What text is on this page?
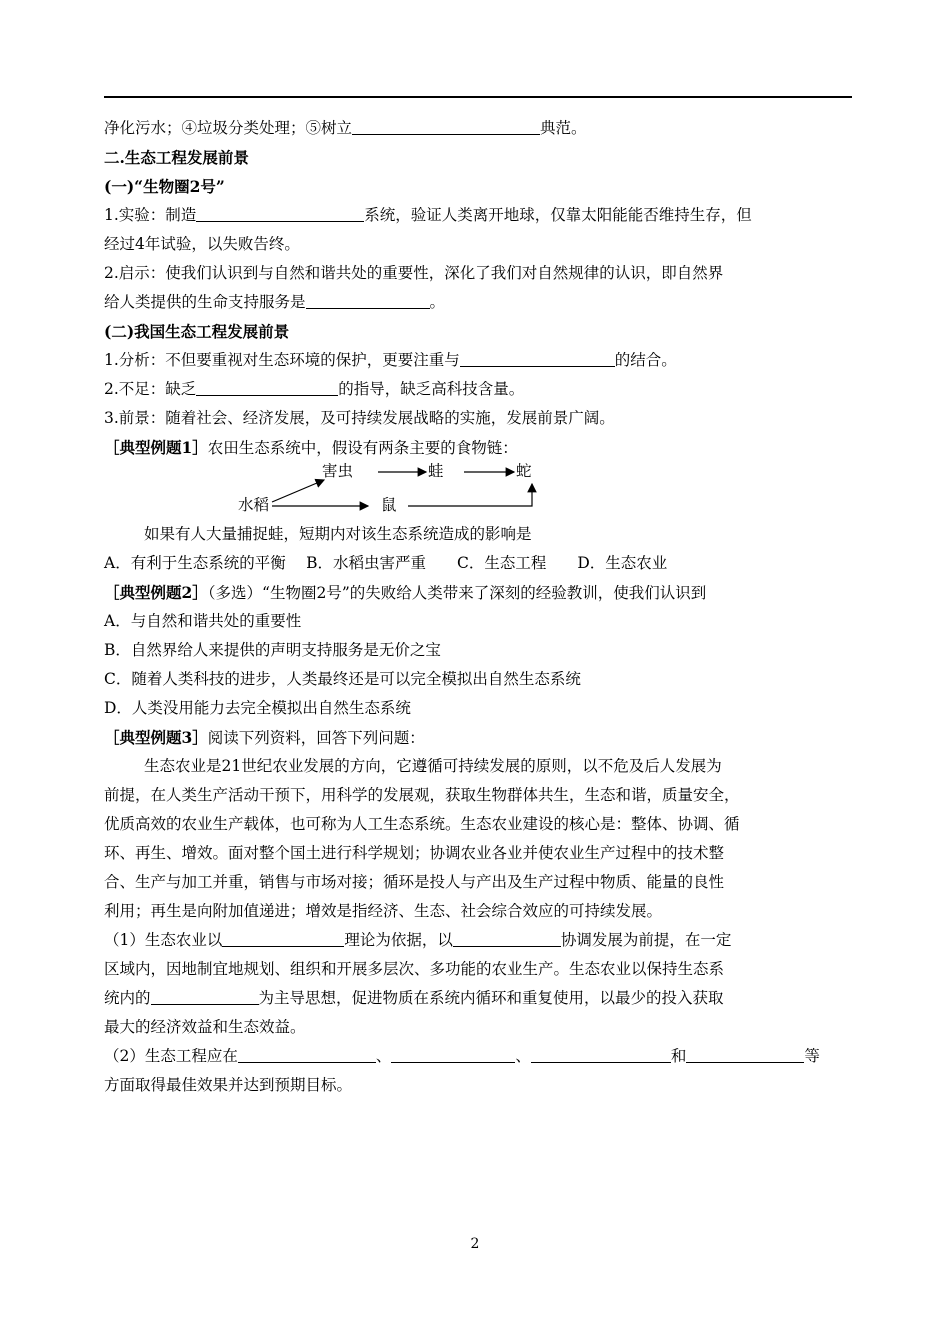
净化污水；④垃圾分类处理；⑤树立	典范。
二.生态工程发展前景
(一)“生物圈2号”
1.实验：制造	系统，验证人类离开地球，仅靠太阳能能否维持生存，但
经过4年试验，以失败告终。
2.启示：使我们认识到与自然和谐共处的重要性，深化了我们对自然规律的认识，即自然界
给人类提供的生命支持服务是	。
(二)我国生态工程发展前景
1.分析：不但要重视对生态环境的保护，更要注重与	的结合。
2.不足：缺乏	的指导，缺乏高科技含量。
3.前景：随着社会、经济发展，及可持续发展战略的实施，发展前景广阔。
［典型例题1］农田生态系统中，假设有两条主要的食物链：
害虫	蛙	蛇
水稻	鼠
如果有人大量捕捉蛙，短期内对该生态系统造成的影响是
A．有利于生态系统的平衡　 B．水稻虫害严重　　C．生态工程　　D．生态农业
［典型例题2］（多选）“生物圈2号”的失败给人类带来了深刻的经验教训，使我们认识到
A．与自然和谐共处的重要性
B．自然界给人来提供的声明支持服务是无价之宝
C．随着人类科技的进步，人类最终还是可以完全模拟出自然生态系统
D．人类没用能力去完全模拟出自然生态系统
［典型例题3］阅读下列资料，回答下列问题：
生态农业是21世纪农业发展的方向，它遵循可持续发展的原则，以不危及后人发展为
前提，在人类生产活动干预下，用科学的发展观，获取生物群体共生，生态和谐，质量安全，
优质高效的农业生产载体，也可称为人工生态系统。生态农业建设的核心是：整体、协调、循
环、再生、增效。面对整个国土进行科学规划；协调农业各业并使农业生产过程中的技术整
合、生产与加工并重，销售与市场对接；循环是投人与产出及生产过程中物质、能量的良性
利用；再生是向附加值递进；增效是指经济、生态、社会综合效应的可持续发展。
（1）生态农业以	理论为依据，以	协调发展为前提，在一定
区域内，因地制宜地规划、组织和开展多层次、多功能的农业生产。生态农业以保持生态系
统内的	为主导思想，促进物质在系统内循环和重复使用，以最少的投入获取
最大的经济效益和生态效益。
（2）生态工程应在	、	、	和	等
方面取得最佳效果并达到预期目标。
2
